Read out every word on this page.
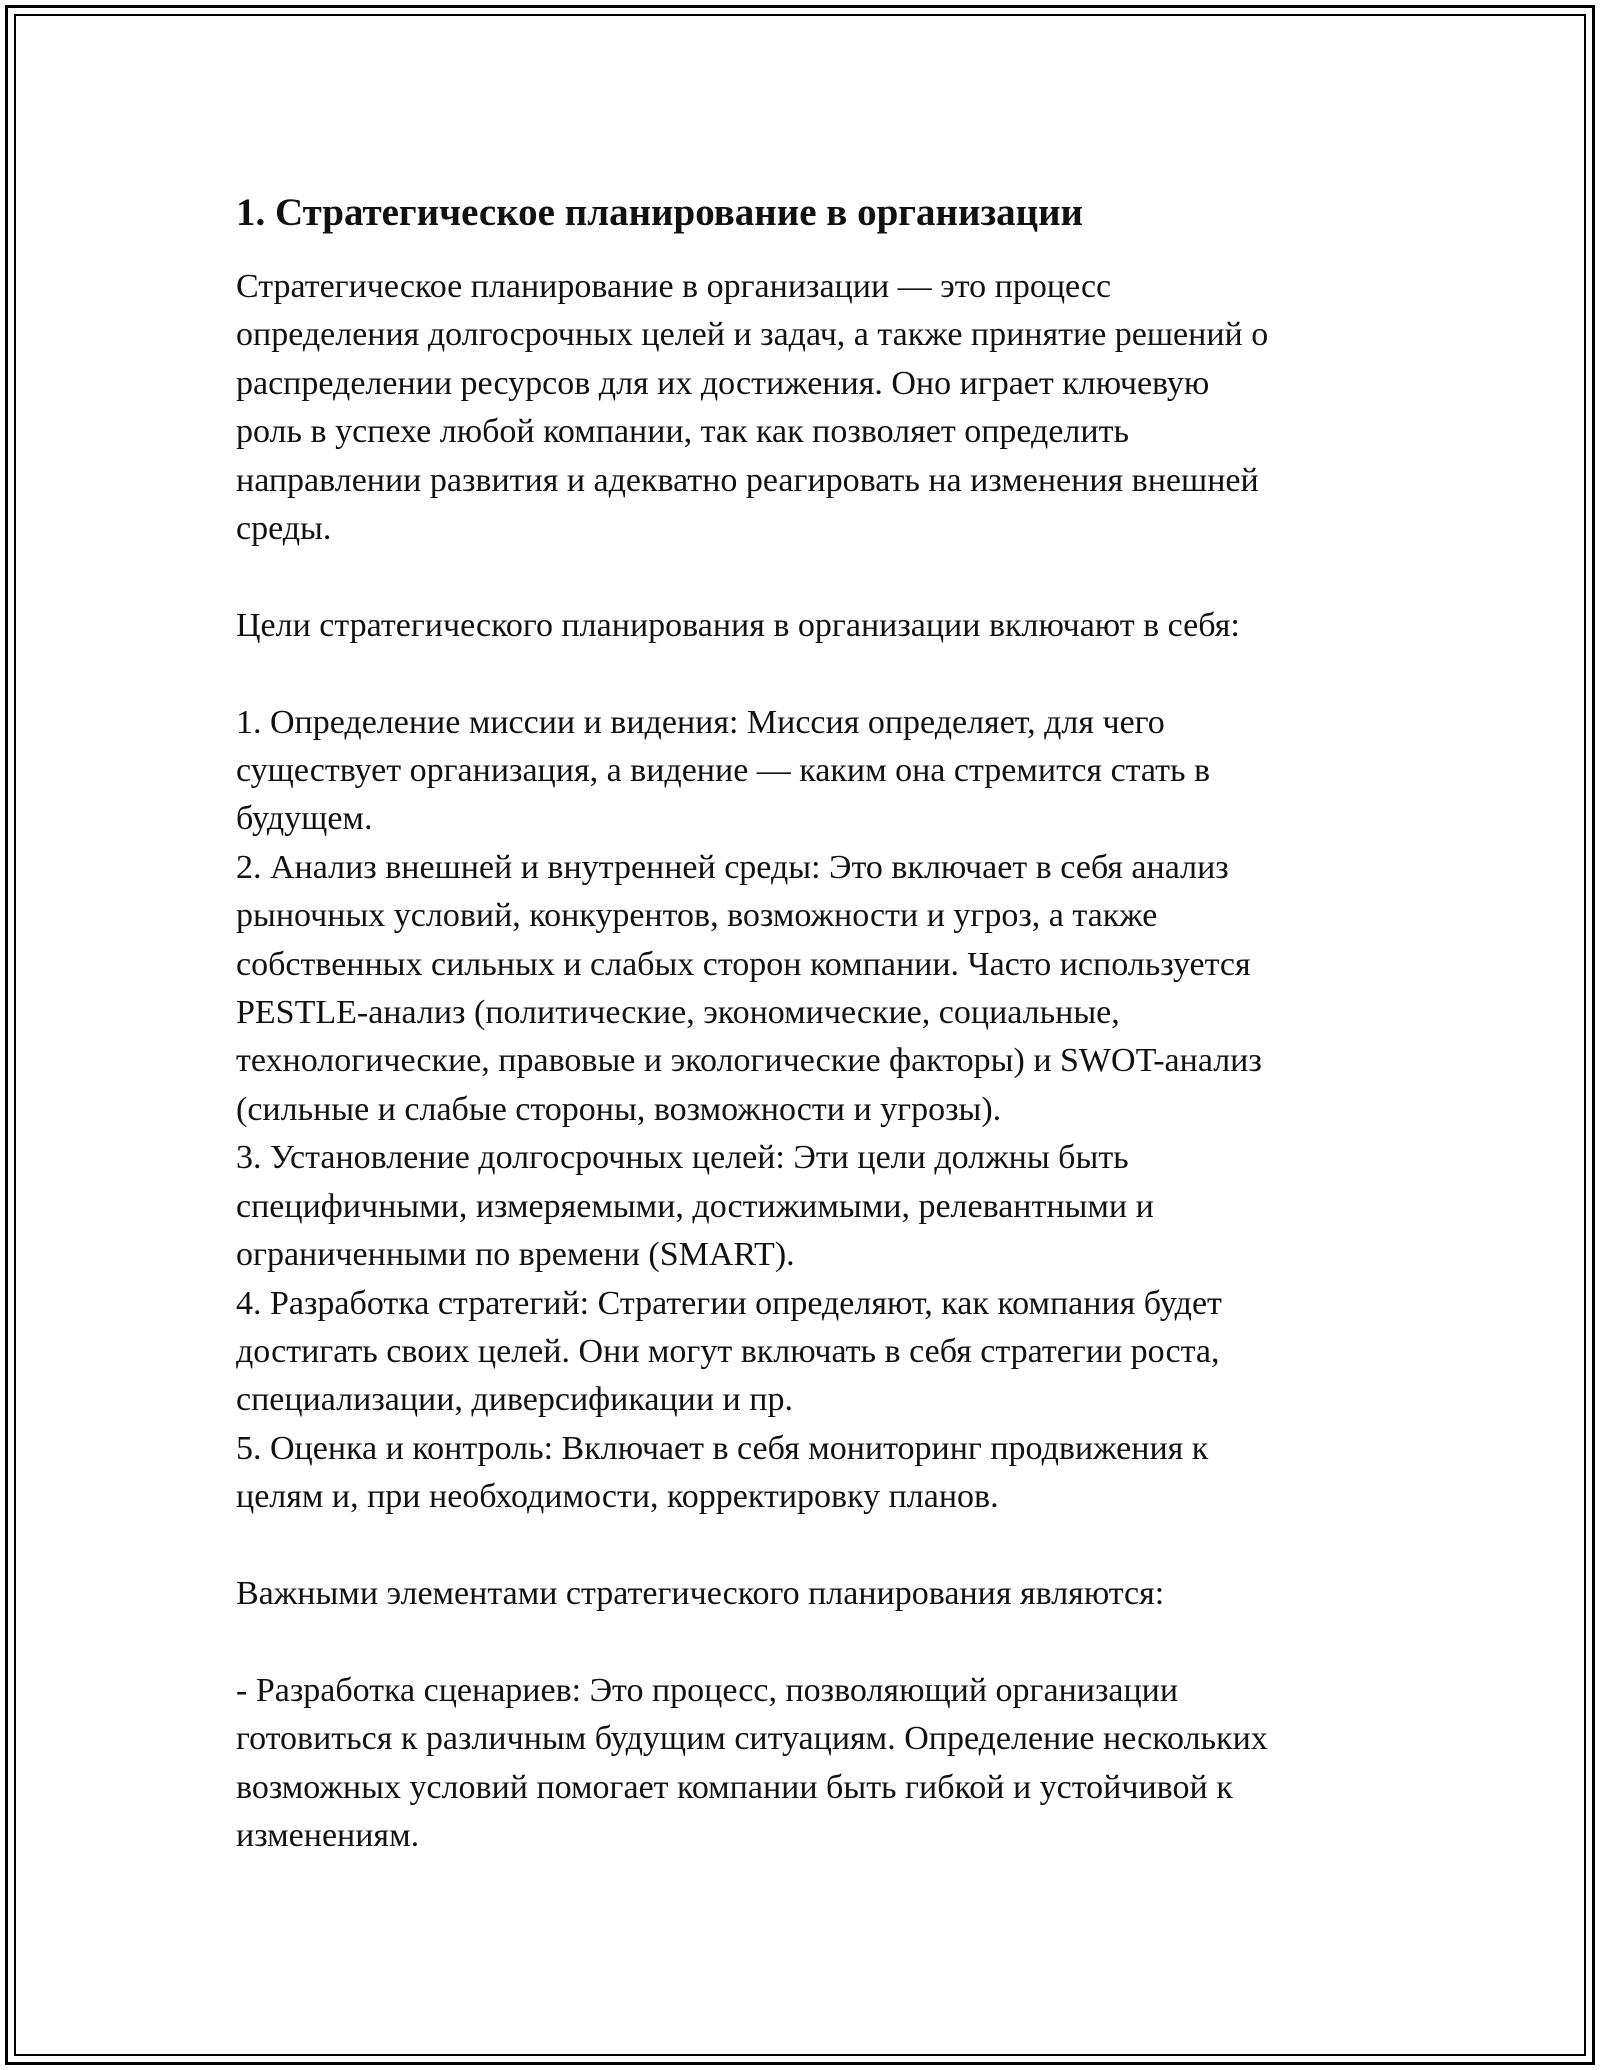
1. Стратегическое планирование в организации

Стратегическое планирование в организации — это процесс
определения долгосрочных целей и задач, а также принятие решений о
распределении ресурсов для их достижения. Оно играет ключевую
роль в успехе любой компании, так как позволяет определить
направлении развития и адекватно реагировать на изменения внешней
среды.

Цели стратегического планирования в организации включают в себя:

1. Определение миссии и видения: Миссия определяет, для чего
существует организация, а видение — каким она стремится стать в
будущем.

2. Анализ внешней и внутренней среды: Это включает в себя анализ
рыночных условий, конкурентов, возможности и угроз, а также
собственных сильных и слабых сторон компании. Часто используется
PESTLE-анализ (политические, экономические, социальные,
технологические, правовые и экологические факторы) и SWOT-анализ
(сильные и слабые стороны, возможности и угрозы).

3. Установление долгосрочных целей: Эти цели должны быть
специфичными, измеряемыми, достижимыми, релевантными и
ограниченными по времени (SMART).

4. Разработка стратегий: Стратегии определяют, как компания будет
достигать своих целей. Они могут включать в себя стратегии роста,
специализации, диверсификации и пр.

5. Оценка и контроль: Включает в себя мониторинг продвижения к
целям и, при необходимости, корректировку планов.

Важными элементами стратегического планирования являются:

- Разработка сценариев: Это процесс, позволяющий организации
готовиться к различным будущим ситуациям. Определение нескольких
возможных условий помогает компании быть гибкой и устойчивой к
изменениям.
